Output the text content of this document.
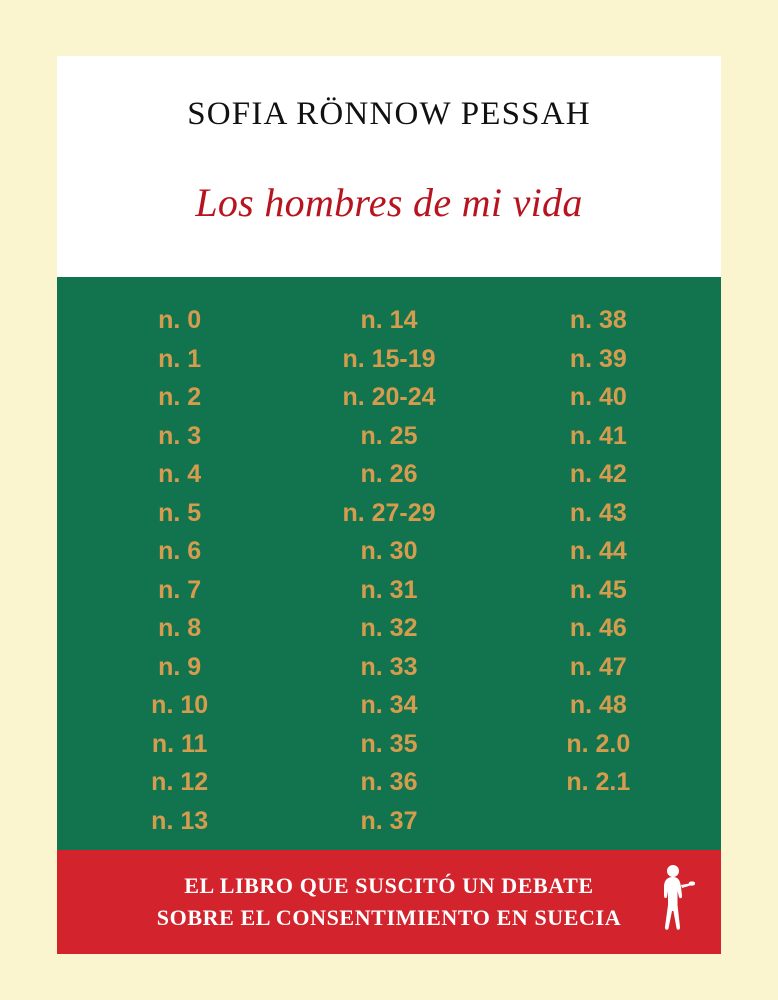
SOFIA RÖNNOW PESSAH
Los hombres de mi vida
n. 0
n. 1
n. 2
n. 3
n. 4
n. 5
n. 6
n. 7
n. 8
n. 9
n. 10
n. 11
n. 12
n. 13
n. 14
n. 15-19
n. 20-24
n. 25
n. 26
n. 27-29
n. 30
n. 31
n. 32
n. 33
n. 34
n. 35
n. 36
n. 37
n. 38
n. 39
n. 40
n. 41
n. 42
n. 43
n. 44
n. 45
n. 46
n. 47
n. 48
n. 2.0
n. 2.1
EL LIBRO QUE SUSCITÓ UN DEBATE
SOBRE EL CONSENTIMIENTO EN SUECIA
